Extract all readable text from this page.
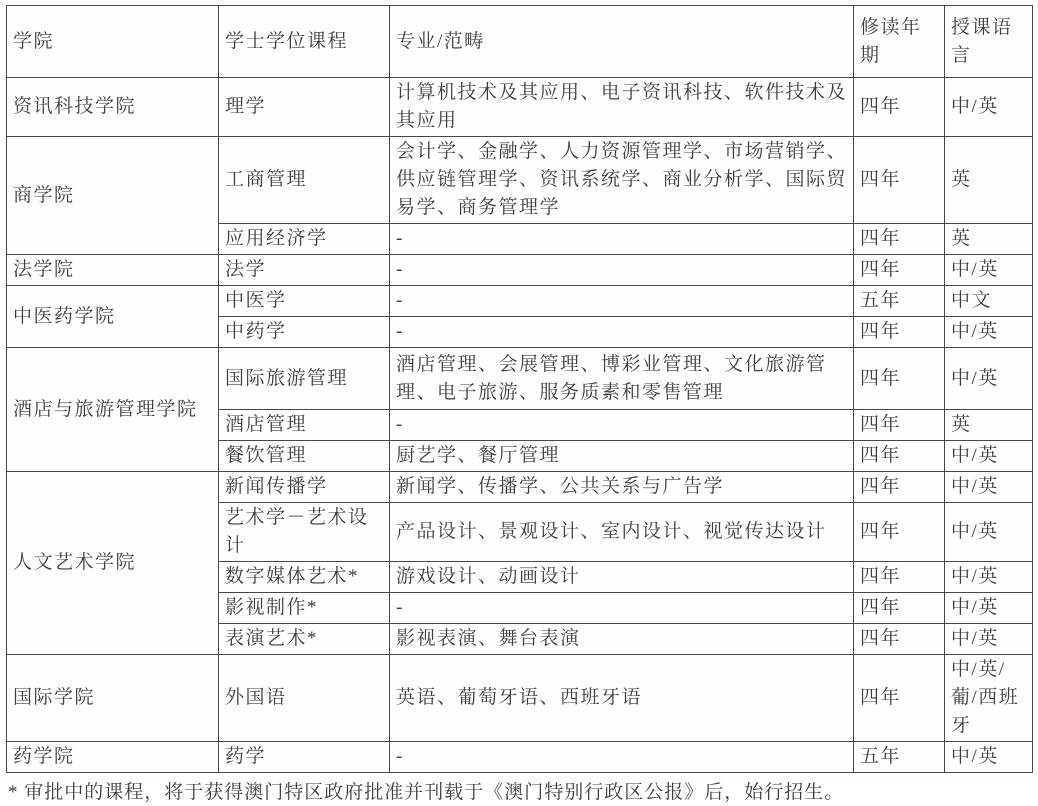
学院	学士学位课程	专业/范畴	修读年期	授课语言
资讯科技学院	理学	计算机技术及其应用、电子资讯科技、软件技术及其应用	四年	中/英
商学院	工商管理	会计学、金融学、人力资源管理学、市场营销学、供应链管理学、资讯系统学、商业分析学、国际贸易学、商务管理学	四年	英
	应用经济学	-	四年	英
法学院	法学	-	四年	中/英
中医药学院	中医学	-	五年	中文
	中药学	-	四年	中/英
酒店与旅游管理学院	国际旅游管理	酒店管理、会展管理、博彩业管理、文化旅游管理、电子旅游、服务质素和零售管理	四年	中/英
	酒店管理	-	四年	英
	餐饮管理	厨艺学、餐厅管理	四年	中/英
人文艺术学院	新闻传播学	新闻学、传播学、公共关系与广告学	四年	中/英
	艺术学－艺术设计	产品设计、景观设计、室内设计、视觉传达设计	四年	中/英
	数字媒体艺术*	游戏设计、动画设计	四年	中/英
	影视制作*	-	四年	中/英
	表演艺术*	影视表演、舞台表演	四年	中/英
国际学院	外国语	英语、葡萄牙语、西班牙语	四年	中/英/葡/西班牙
药学院	药学	-	五年	中/英
* 审批中的课程，将于获得澳门特区政府批准并刊载于《澳门特别行政区公报》后，始行招生。
